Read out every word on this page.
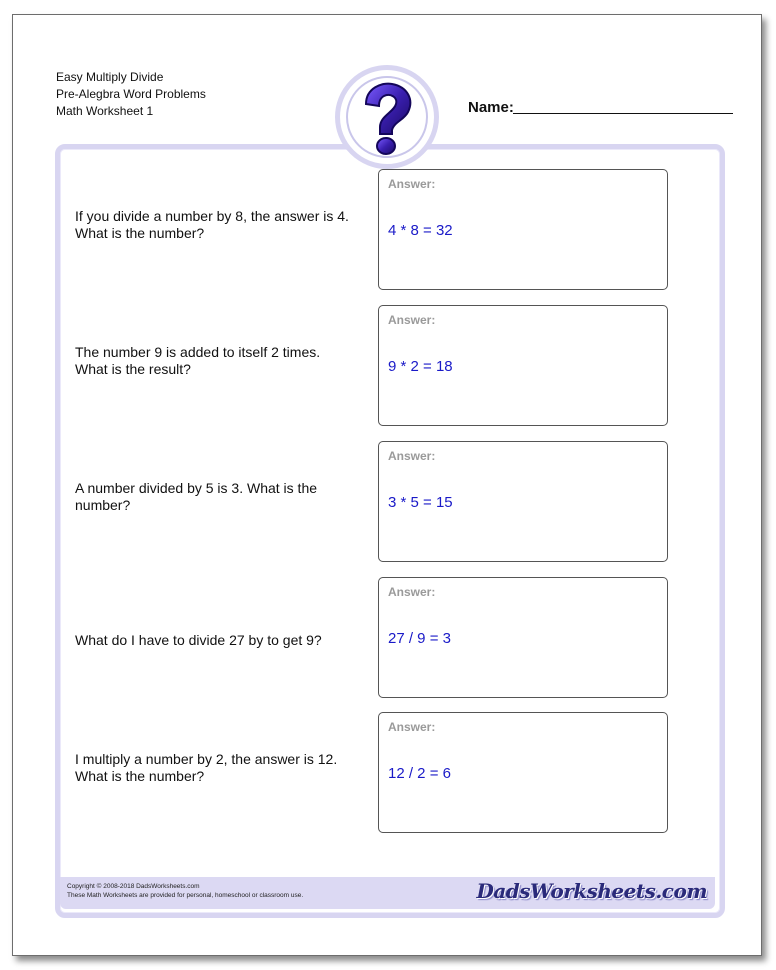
Easy Multiply Divide
Pre-Alegbra Word Problems
Math Worksheet 1	Name:
If you divide a number by 8, the answer is 4. What is the number?
Answer:
4 * 8 = 32
The number 9 is added to itself 2 times. What is the result?
Answer:
9 * 2 = 18
A number divided by 5 is 3. What is the number?
Answer:
3 * 5 = 15
What do I have to divide 27 by to get 9?
Answer:
27 / 9 = 3
I multiply a number by 2, the answer is 12. What is the number?
Answer:
12 / 2 = 6
Copyright © 2008-2018 DadsWorksheets.com
These Math Worksheets are provided for personal, homeschool or classroom use.	DadsWorksheets.com
